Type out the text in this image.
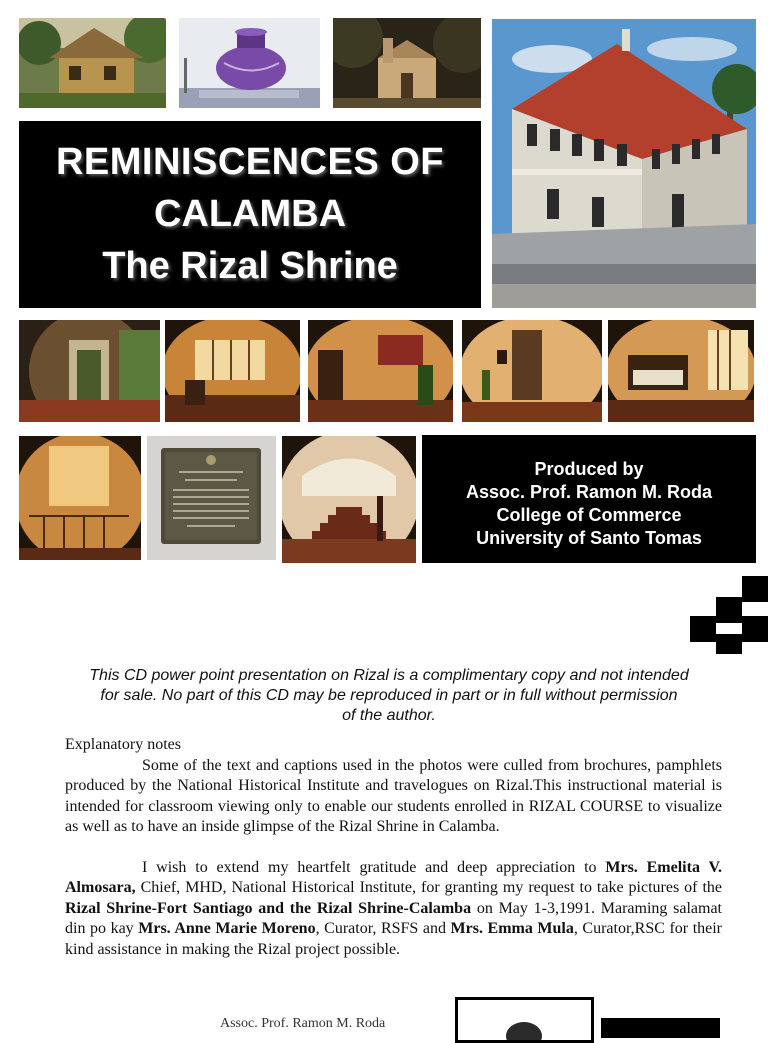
REMINISCENCES OF
CALAMBA
The Rizal Shrine
Produced by
Assoc. Prof. Ramon M. Roda
College of Commerce
University of Santo Tomas
This CD power point presentation on Rizal is a complimentary copy and not intended
for sale. No part of this CD may be reproduced in part or in full without permission
of the author.

Explanatory notes

Some of the text and captions used in the photos were culled from brochures, pamphlets produced by the National Historical Institute and travelogues on Rizal.This instructional material is intended for classroom viewing only to enable our students enrolled in RIZAL COURSE to visualize as well as to have an inside glimpse of the Rizal Shrine in Calamba.

I wish to extend my heartfelt gratitude and deep appreciation to Mrs. Emelita V. Almosara, Chief, MHD, National Historical Institute, for granting my request to take pictures of the Rizal Shrine-Fort Santiago and the Rizal Shrine-Calamba on May 1-3,1991. Maraming salamat din po kay Mrs. Anne Marie Moreno, Curator, RSFS and Mrs. Emma Mula, Curator,RSC for their kind assistance in making the Rizal project possible.

Assoc. Prof. Ramon M. Roda
